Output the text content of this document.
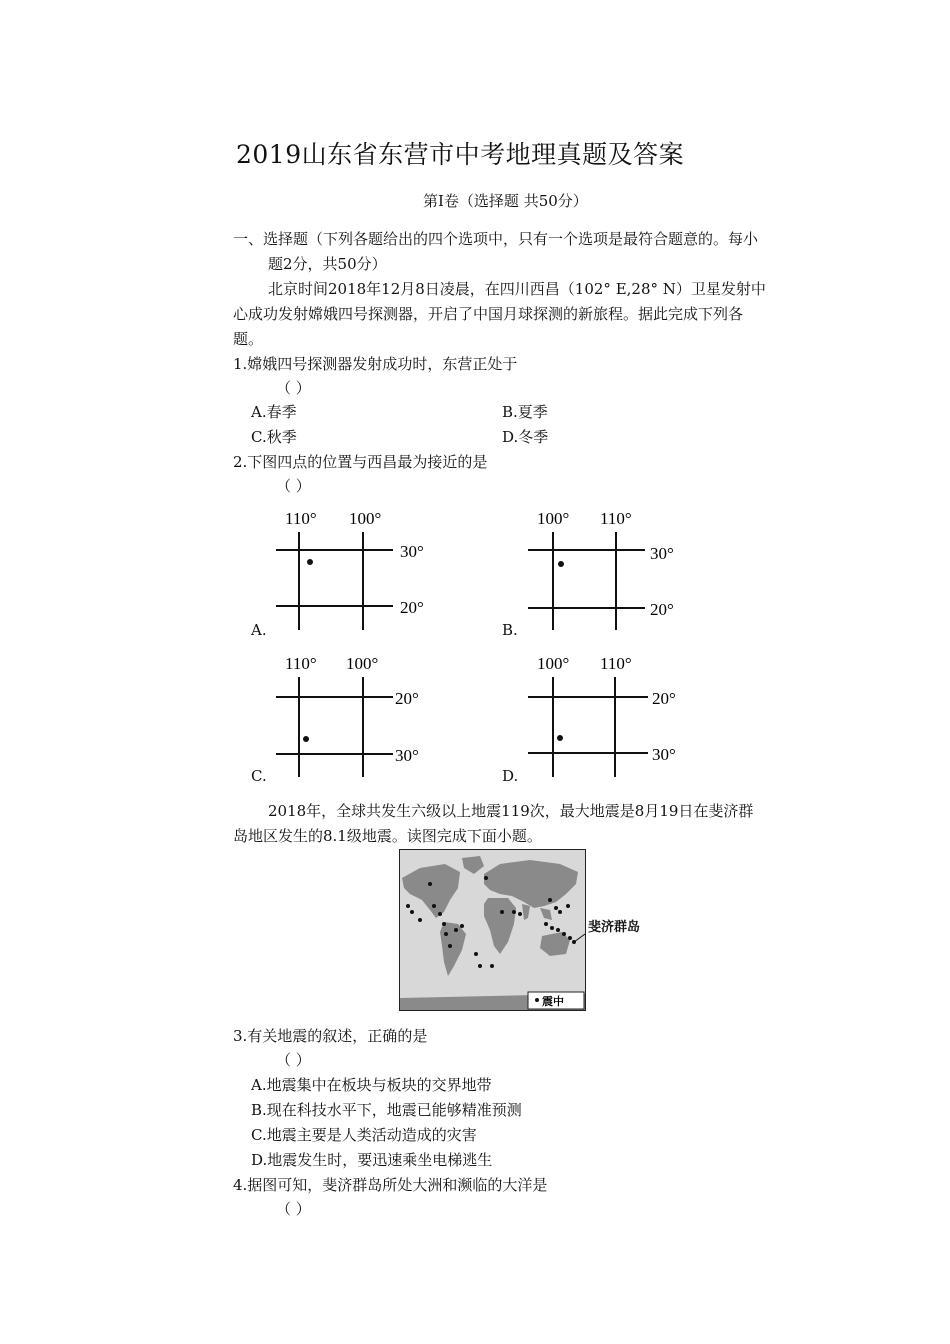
2019山东省东营市中考地理真题及答案
第Ⅰ卷（选择题 共50分）
一、选择题（下列各题给出的四个选项中，只有一个选项是最符合题意的。每小
题2分，共50分）
北京时间2018年12月8日凌晨，在四川西昌（102° E,28° N）卫星发射中
心成功发射嫦娥四号探测器，开启了中国月球探测的新旅程。据此完成下列各
题。
1.嫦娥四号探测器发射成功时，东营正处于
（ ）
A.春季	B.夏季
C.秋季	D.冬季
2.下图四点的位置与西昌最为接近的是
（ ）
110° 100°
30°
20°
A.
100° 110°
30°
20°
B.
110° 100°
20°
30°
C.
100° 110°
20°
30°
D.
2018年，全球共发生六级以上地震119次，最大地震是8月19日在斐济群
岛地区发生的8.1级地震。读图完成下面小题。
震中
斐济群岛
3.有关地震的叙述，正确的是
（ ）
A.地震集中在板块与板块的交界地带
B.现在科技水平下，地震已能够精准预测
C.地震主要是人类活动造成的灾害
D.地震发生时，要迅速乘坐电梯逃生
4.据图可知，斐济群岛所处大洲和濒临的大洋是
（ ）
